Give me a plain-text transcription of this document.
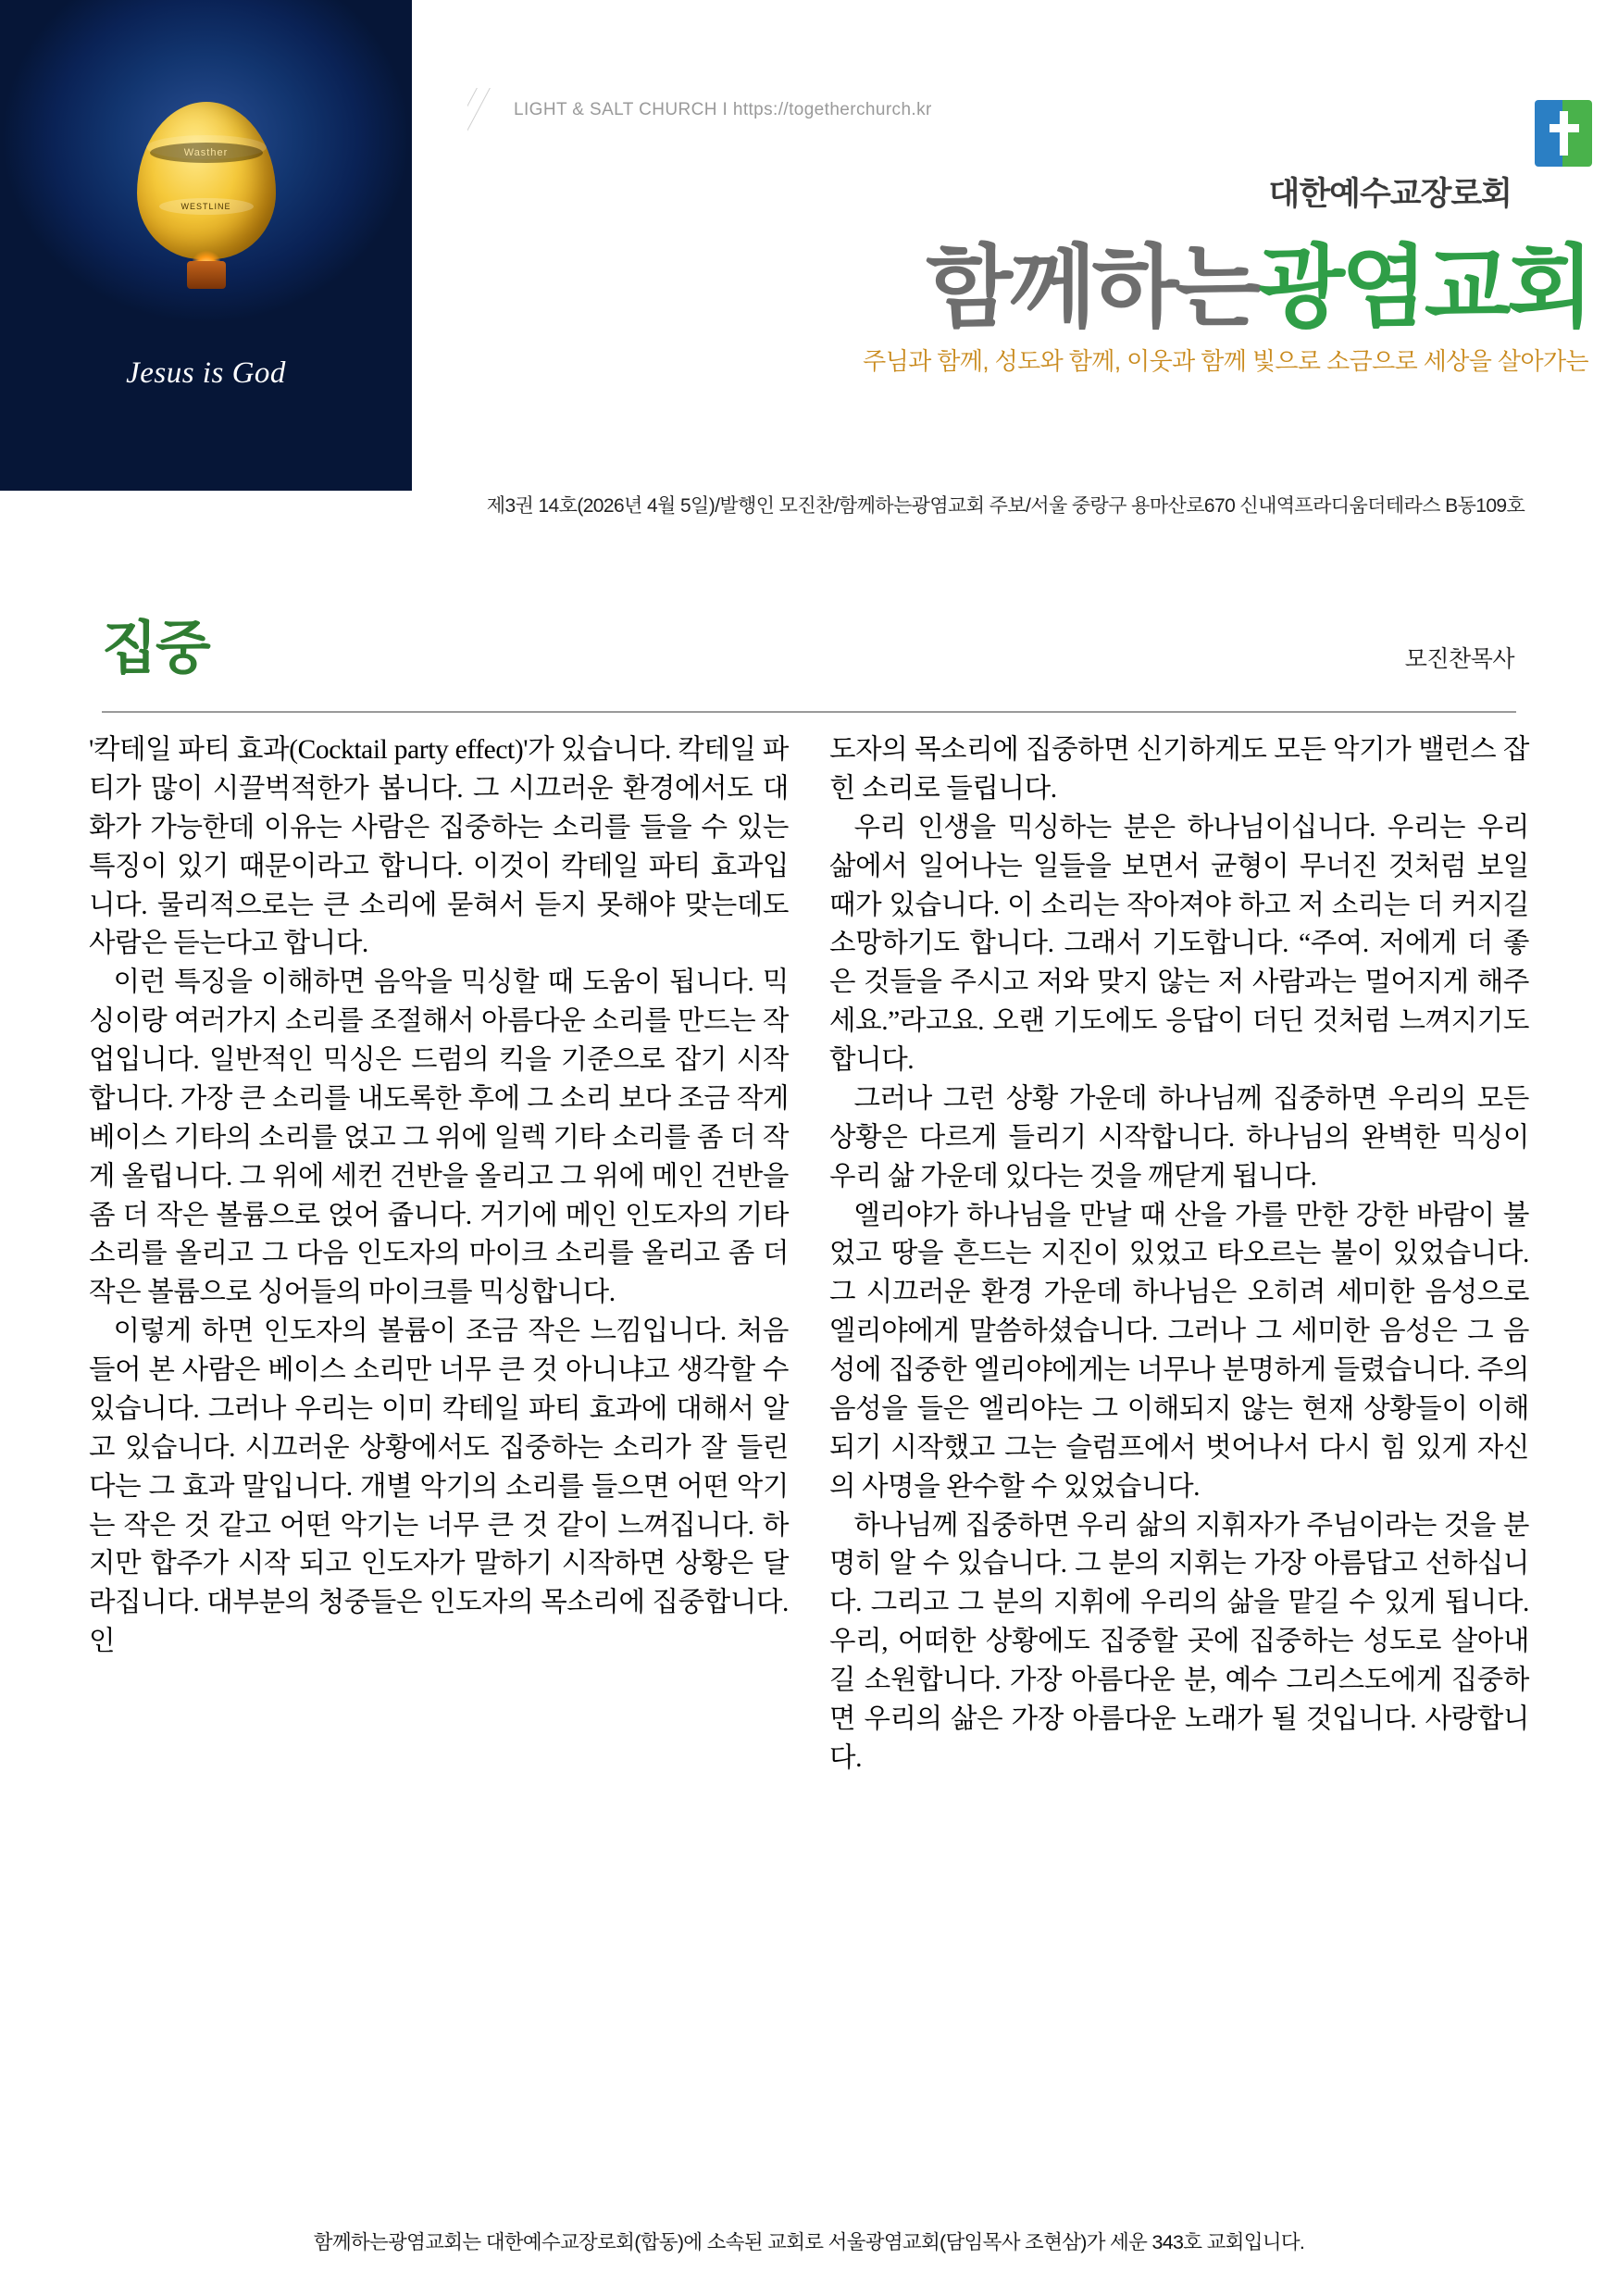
Wasther
WESTLINE
Jesus is God
LIGHT & SALT CHURCH I https://togetherchurch.kr
대한예수교장로회
함께하는광염교회
주님과 함께, 성도와 함께, 이웃과 함께 빛으로 소금으로 세상을 살아가는
제3권 14호(2026년 4월 5일)/발행인 모진찬/함께하는광염교회 주보/서울 중랑구 용마산로670 신내역프라디움더테라스 B동109호
집중	모진찬목사

'칵테일 파티 효과(Cocktail party effect)'가 있습니다. 칵테일 파티가 많이 시끌벅적한가 봅니다. 그 시끄러운 환경에서도 대화가 가능한데 이유는 사람은 집중하는 소리를 들을 수 있는 특징이 있기 때문이라고 합니다. 이것이 칵테일 파티 효과입니다. 물리적으로는 큰 소리에 묻혀서 듣지 못해야 맞는데도 사람은 듣는다고 합니다.

이런 특징을 이해하면 음악을 믹싱할 때 도움이 됩니다. 믹싱이랑 여러가지 소리를 조절해서 아름다운 소리를 만드는 작업입니다. 일반적인 믹싱은 드럼의 킥을 기준으로 잡기 시작합니다. 가장 큰 소리를 내도록한 후에 그 소리 보다 조금 작게 베이스 기타의 소리를 얹고 그 위에 일렉 기타 소리를 좀 더 작게 올립니다. 그 위에 세컨 건반을 올리고 그 위에 메인 건반을 좀 더 작은 볼륨으로 얹어 줍니다. 거기에 메인 인도자의 기타 소리를 올리고 그 다음 인도자의 마이크 소리를 올리고 좀 더 작은 볼륨으로 싱어들의 마이크를 믹싱합니다.

이렇게 하면 인도자의 볼륨이 조금 작은 느낌입니다. 처음 들어 본 사람은 베이스 소리만 너무 큰 것 아니냐고 생각할 수 있습니다. 그러나 우리는 이미 칵테일 파티 효과에 대해서 알고 있습니다. 시끄러운 상황에서도 집중하는 소리가 잘 들린다는 그 효과 말입니다. 개별 악기의 소리를 들으면 어떤 악기는 작은 것 같고 어떤 악기는 너무 큰 것 같이 느껴집니다. 하지만 합주가 시작 되고 인도자가 말하기 시작하면 상황은 달라집니다. 대부분의 청중들은 인도자의 목소리에 집중합니다. 인

도자의 목소리에 집중하면 신기하게도 모든 악기가 밸런스 잡힌 소리로 들립니다.

우리 인생을 믹싱하는 분은 하나님이십니다. 우리는 우리 삶에서 일어나는 일들을 보면서 균형이 무너진 것처럼 보일 때가 있습니다. 이 소리는 작아져야 하고 저 소리는 더 커지길 소망하기도 합니다. 그래서 기도합니다. “주여. 저에게 더 좋은 것들을 주시고 저와 맞지 않는 저 사람과는 멀어지게 해주세요.”라고요. 오랜 기도에도 응답이 더딘 것처럼 느껴지기도 합니다.

그러나 그런 상황 가운데 하나님께 집중하면 우리의 모든 상황은 다르게 들리기 시작합니다. 하나님의 완벽한 믹싱이 우리 삶 가운데 있다는 것을 깨닫게 됩니다.

엘리야가 하나님을 만날 때 산을 가를 만한 강한 바람이 불었고 땅을 흔드는 지진이 있었고 타오르는 불이 있었습니다. 그 시끄러운 환경 가운데 하나님은 오히려 세미한 음성으로 엘리야에게 말씀하셨습니다. 그러나 그 세미한 음성은 그 음성에 집중한 엘리야에게는 너무나 분명하게 들렸습니다. 주의 음성을 들은 엘리야는 그 이해되지 않는 현재 상황들이 이해 되기 시작했고 그는 슬럼프에서 벗어나서 다시 힘 있게 자신의 사명을 완수할 수 있었습니다.

하나님께 집중하면 우리 삶의 지휘자가 주님이라는 것을 분명히 알 수 있습니다. 그 분의 지휘는 가장 아름답고 선하십니다. 그리고 그 분의 지휘에 우리의 삶을 맡길 수 있게 됩니다. 우리, 어떠한 상황에도 집중할 곳에 집중하는 성도로 살아내길 소원합니다. 가장 아름다운 분, 예수 그리스도에게 집중하면 우리의 삶은 가장 아름다운 노래가 될 것입니다. 사랑합니다.

함께하는광염교회는 대한예수교장로회(합동)에 소속된 교회로 서울광염교회(담임목사 조현삼)가 세운 343호 교회입니다.
